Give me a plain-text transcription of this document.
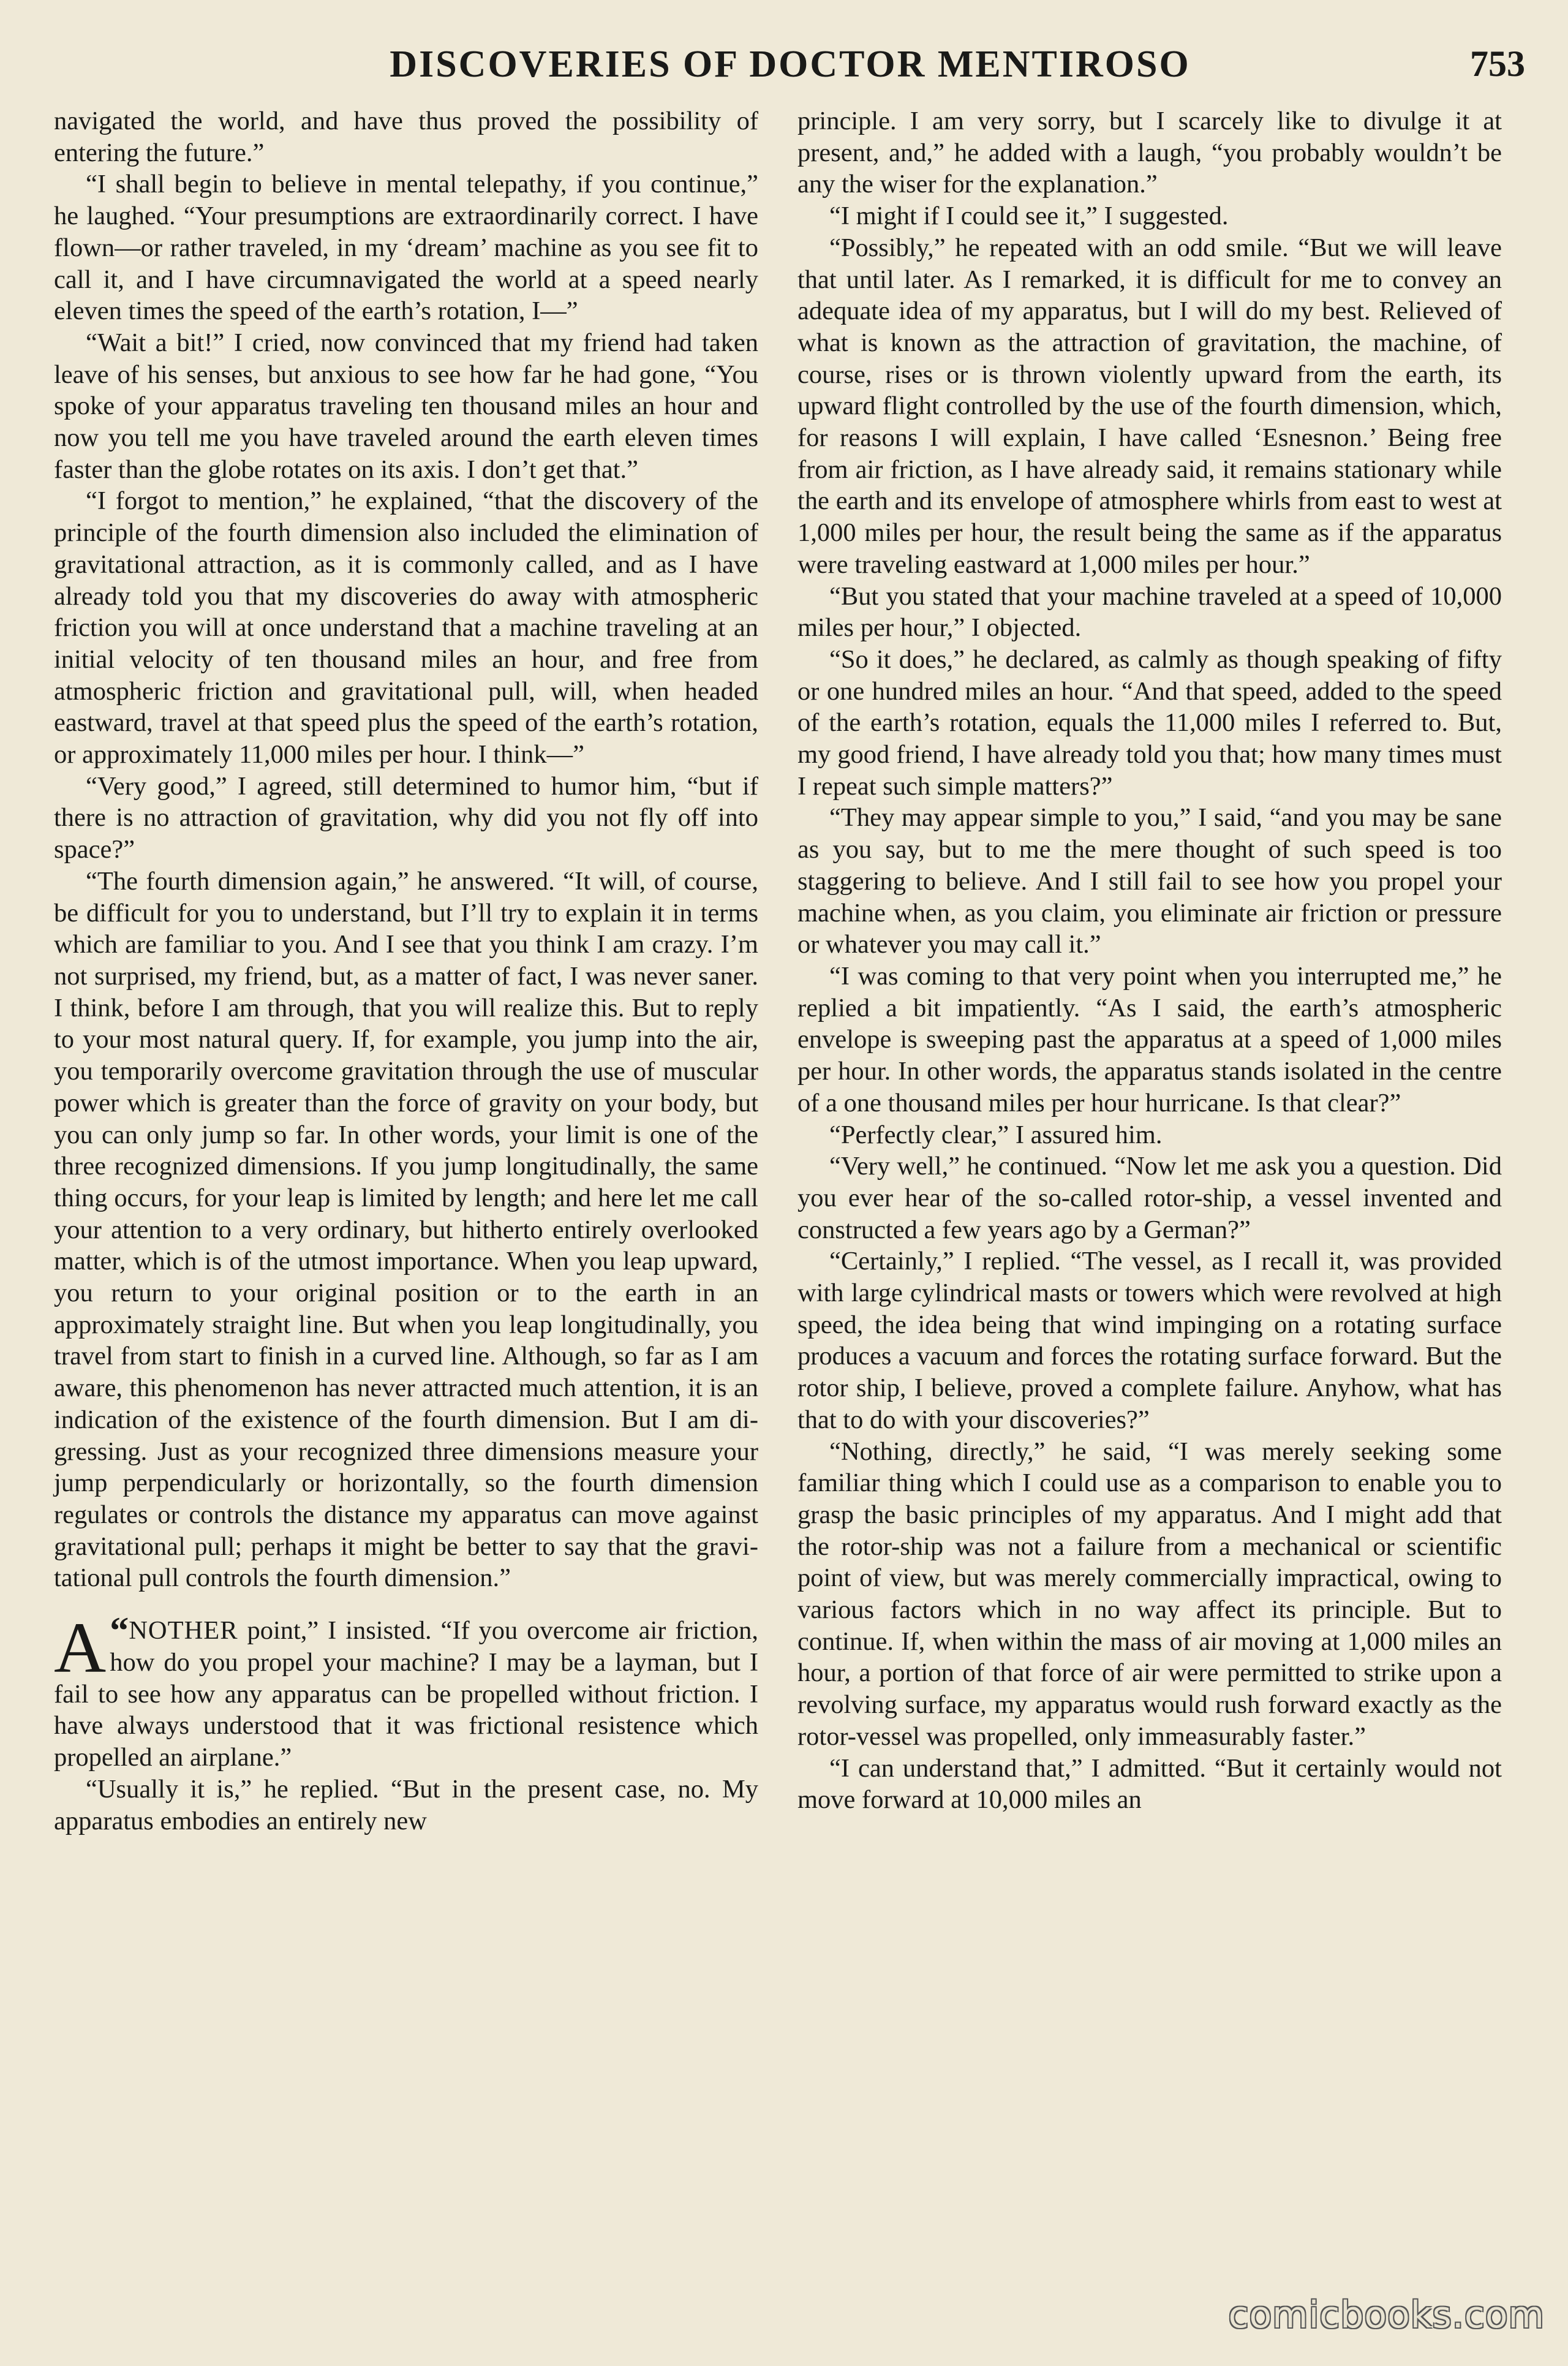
DISCOVERIES OF DOCTOR MENTIROSO	753

navigated the world, and have thus proved the possibility of entering the future.”

“I shall begin to believe in mental telepathy, if you continue,” he laughed. “Your presumptions are extraordinarily correct. I have flown—or rather traveled, in my ‘dream’ machine as you see fit to call it, and I have circumnavigated the world at a speed nearly eleven times the speed of the earth’s rotation, I—”

“Wait a bit!” I cried, now convinced that my friend had taken leave of his senses, but anxious to see how far he had gone, “You spoke of your apparatus traveling ten thousand miles an hour and now you tell me you have traveled around the earth eleven times faster than the globe rotates on its axis. I don’t get that.”

“I forgot to mention,” he explained, “that the discovery of the principle of the fourth dimension also included the elimination of gravitational attraction, as it is commonly called, and as I have already told you that my discoveries do away with atmospheric friction you will at once understand that a machine traveling at an initial velocity of ten thousand miles an hour, and free from atmospheric friction and gravitational pull, will, when headed eastward, travel at that speed plus the speed of the earth’s rotation, or approximately 11,000 miles per hour. I think—”

“Very good,” I agreed, still determined to humor him, “but if there is no attraction of gravitation, why did you not fly off into space?”

“The fourth dimension again,” he answered. “It will, of course, be difficult for you to understand, but I’ll try to explain it in terms which are familiar to you. And I see that you think I am crazy. I’m not surprised, my friend, but, as a matter of fact, I was never saner. I think, before I am through, that you will realize this. But to reply to your most natural query. If, for example, you jump into the air, you temporarily overcome gravitation through the use of muscular power which is greater than the force of gravity on your body, but you can only jump so far. In other words, your limit is one of the three recognized dimensions. If you jump longitudinally, the same thing occurs, for your leap is limited by length; and here let me call your attention to a very ordinary, but hitherto entirely overlooked matter, which is of the utmost importance. When you leap upward, you return to your original position or to the earth in an approximately straight line. But when you leap longitudinally, you travel from start to finish in a curved line. Although, so far as I am aware, this phenomenon has never attracted much attention, it is an indication of the existence of the fourth dimension. But I am digressing. Just as your recognized three dimensions measure your jump perpendicularly or horizontally, so the fourth dimension regulates or controls the distance my apparatus can move against gravitational pull; perhaps it might be better to say that the gravitational pull controls the fourth dimension.”

“
A NOTHER point,” I insisted. “If you overcome air friction, how do you propel your machine? I may be a layman, but I fail to see how any apparatus can be propelled without friction. I have always understood that it was frictional resistence which propelled an airplane.”

“Usually it is,” he replied. “But in the present case, no. My apparatus embodies an entirely new

principle. I am very sorry, but I scarcely like to divulge it at present, and,” he added with a laugh, “you probably wouldn’t be any the wiser for the explanation.”

“I might if I could see it,” I suggested.

“Possibly,” he repeated with an odd smile. “But we will leave that until later. As I remarked, it is difficult for me to convey an adequate idea of my apparatus, but I will do my best. Relieved of what is known as the attraction of gravitation, the machine, of course, rises or is thrown violently upward from the earth, its upward flight controlled by the use of the fourth dimension, which, for reasons I will explain, I have called ‘Esnesnon.’ Being free from air friction, as I have already said, it remains stationary while the earth and its envelope of atmosphere whirls from east to west at 1,000 miles per hour, the result being the same as if the apparatus were traveling eastward at 1,000 miles per hour.”

“But you stated that your machine traveled at a speed of 10,000 miles per hour,” I objected.

“So it does,” he declared, as calmly as though speaking of fifty or one hundred miles an hour. “And that speed, added to the speed of the earth’s rotation, equals the 11,000 miles I referred to. But, my good friend, I have already told you that; how many times must I repeat such simple matters?”

“They may appear simple to you,” I said, “and you may be sane as you say, but to me the mere thought of such speed is too staggering to believe. And I still fail to see how you propel your machine when, as you claim, you eliminate air friction or pressure or whatever you may call it.”

“I was coming to that very point when you interrupted me,” he replied a bit impatiently. “As I said, the earth’s atmospheric envelope is sweeping past the apparatus at a speed of 1,000 miles per hour. In other words, the apparatus stands isolated in the centre of a one thousand miles per hour hurricane. Is that clear?”

“Perfectly clear,” I assured him.

“Very well,” he continued. “Now let me ask you a question. Did you ever hear of the so-called rotor-ship, a vessel invented and constructed a few years ago by a German?”

“Certainly,” I replied. “The vessel, as I recall it, was provided with large cylindrical masts or towers which were revolved at high speed, the idea being that wind impinging on a rotating surface produces a vacuum and forces the rotating surface forward. But the rotor ship, I believe, proved a complete failure. Anyhow, what has that to do with your discoveries?”

“Nothing, directly,” he said, “I was merely seeking some familiar thing which I could use as a comparison to enable you to grasp the basic principles of my apparatus. And I might add that the rotor-ship was not a failure from a mechanical or scientific point of view, but was merely commercially impractical, owing to various factors which in no way affect its principle. But to continue. If, when within the mass of air moving at 1,000 miles an hour, a portion of that force of air were permitted to strike upon a revolving surface, my apparatus would rush forward exactly as the rotor-vessel was propelled, only immeasurably faster.”

“I can understand that,” I admitted. “But it certainly would not move forward at 10,000 miles an

comicbooks.com
